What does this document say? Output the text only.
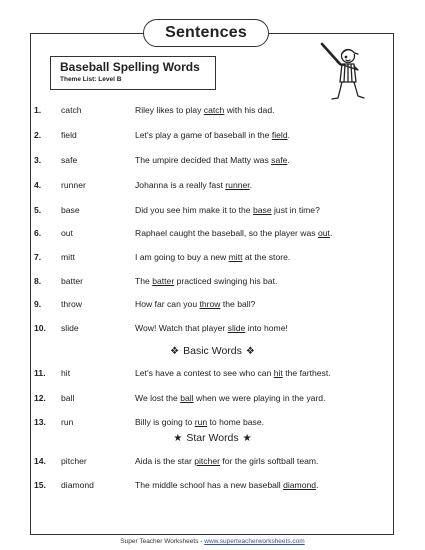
Sentences
Baseball Spelling Words
Theme List: Level B
1. catch	Riley likes to play catch with his dad.
2. field	Let's play a game of baseball in the field.
3. safe	The umpire decided that Matty was safe.
4. runner	Johanna is a really fast runner.
5. base	Did you see him make it to the base just in time?
6. out	Raphael caught the baseball, so the player was out.
7. mitt	I am going to buy a new mitt at the store.
8. batter	The batter practiced swinging his bat.
9. throw	How far can you throw the ball?
10. slide	Wow! Watch that player slide into home!
11. hit	Let's have a contest to see who can hit the farthest.
12. ball	We lost the ball when we were playing in the yard.
13. run	Billy is going to run to home base.
14. pitcher	Aida is the star pitcher for the girls softball team.
15. diamond	The middle school has a new baseball diamond.
❖ Basic Words ❖
★ Star Words ★
Super Teacher Worksheets - www.superteacherworksheets.com
